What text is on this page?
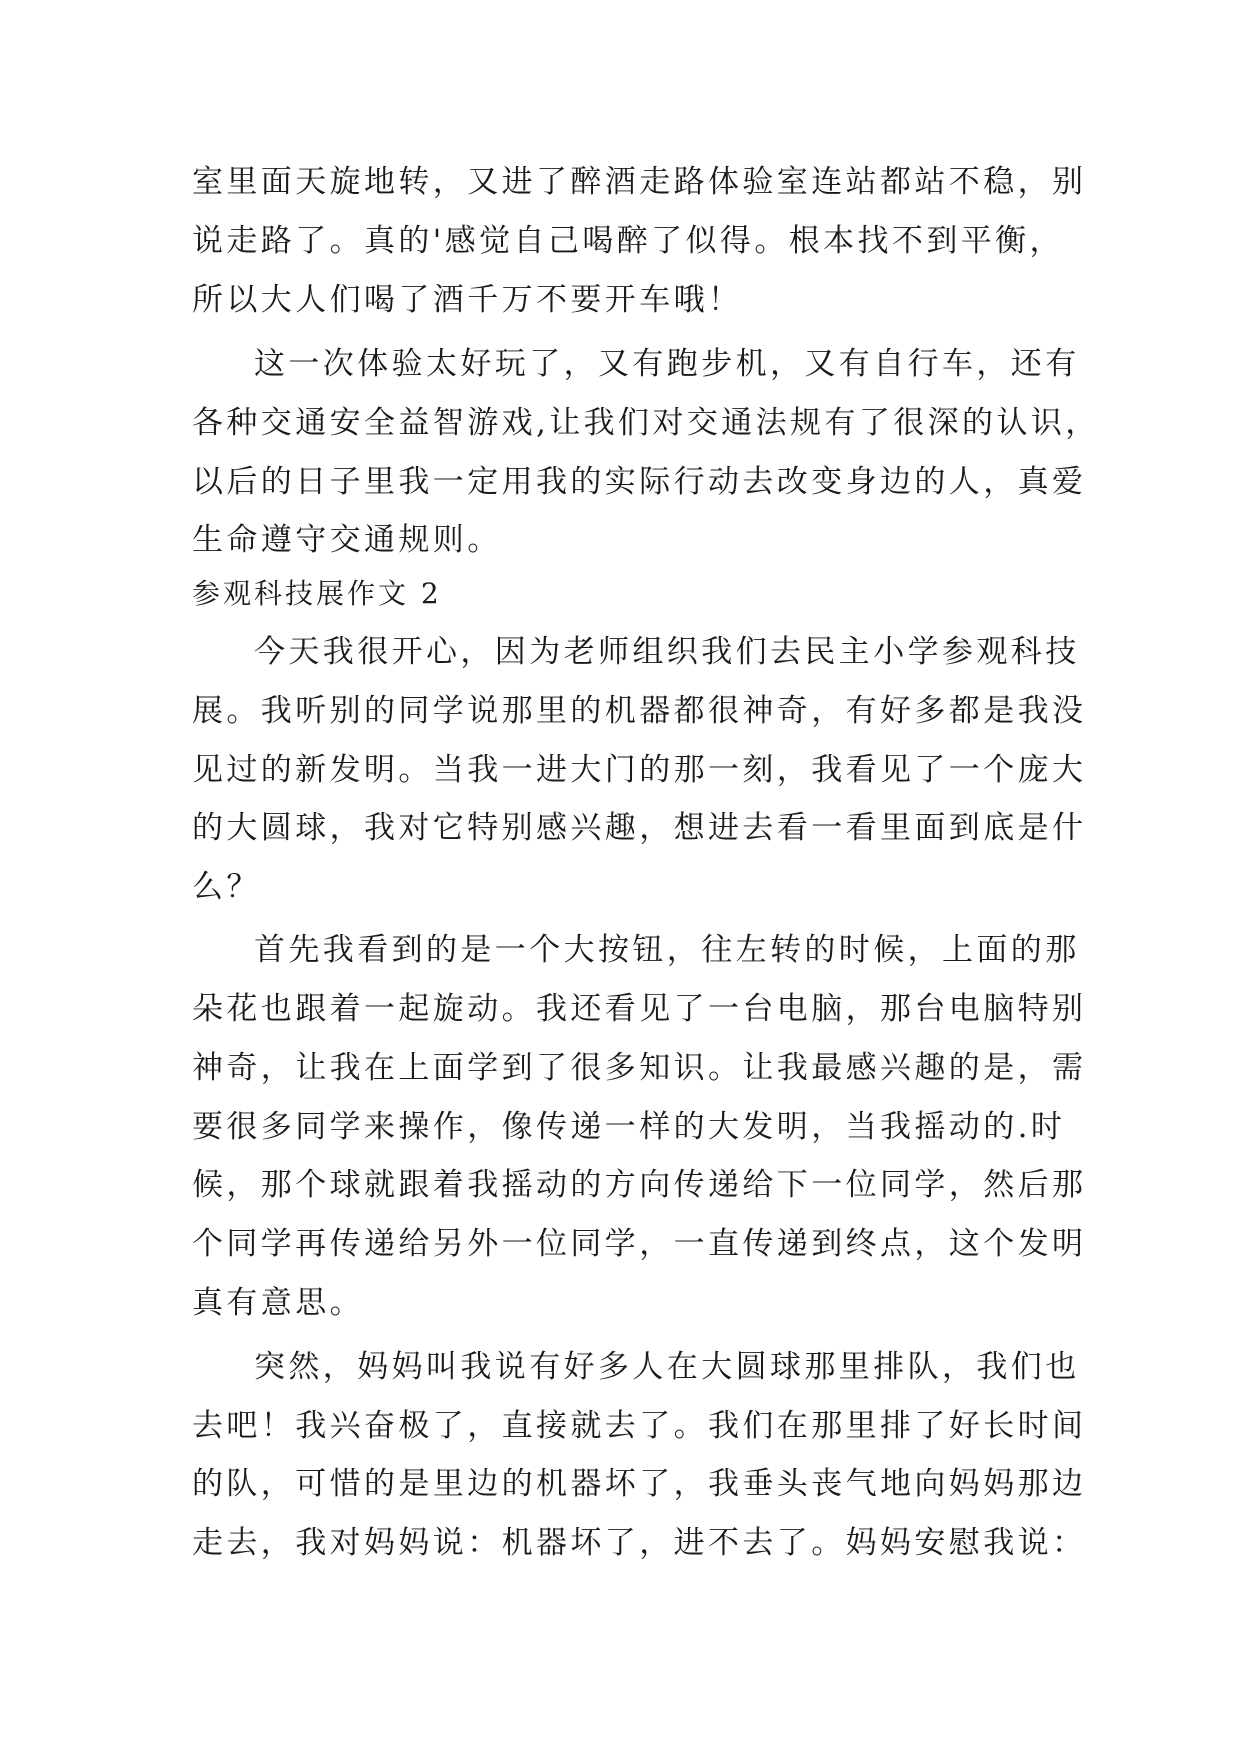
室里面天旋地转，又进了醉酒走路体验室连站都站不稳，别
说走路了。真的'感觉自己喝醉了似得。根本找不到平衡，
所以大人们喝了酒千万不要开车哦！
这一次体验太好玩了，又有跑步机，又有自行车，还有
各种交通安全益智游戏,让我们对交通法规有了很深的认识，
以后的日子里我一定用我的实际行动去改变身边的人，真爱
生命遵守交通规则。
参观科技展作文 2
今天我很开心，因为老师组织我们去民主小学参观科技
展。我听别的同学说那里的机器都很神奇，有好多都是我没
见过的新发明。当我一进大门的那一刻，我看见了一个庞大
的大圆球，我对它特别感兴趣，想进去看一看里面到底是什
么？
首先我看到的是一个大按钮，往左转的时候，上面的那
朵花也跟着一起旋动。我还看见了一台电脑，那台电脑特别
神奇，让我在上面学到了很多知识。让我最感兴趣的是，需
要很多同学来操作，像传递一样的大发明，当我摇动的.时
候，那个球就跟着我摇动的方向传递给下一位同学，然后那
个同学再传递给另外一位同学，一直传递到终点，这个发明
真有意思。
突然，妈妈叫我说有好多人在大圆球那里排队，我们也
去吧！我兴奋极了，直接就去了。我们在那里排了好长时间
的队，可惜的是里边的机器坏了，我垂头丧气地向妈妈那边
走去，我对妈妈说：机器坏了，进不去了。妈妈安慰我说：
